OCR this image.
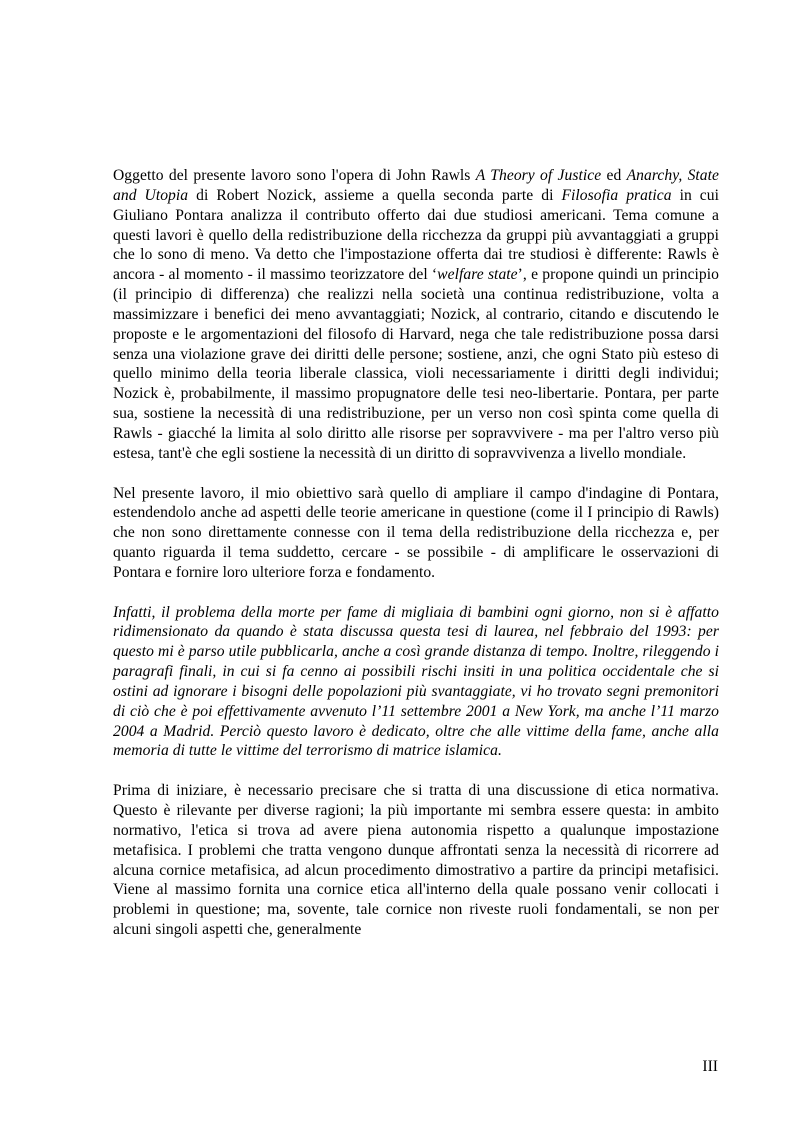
Oggetto del presente lavoro sono l'opera di John Rawls A Theory of Justice ed Anarchy, State and Utopia di Robert Nozick, assieme a quella seconda parte di Filosofia pratica in cui Giuliano Pontara analizza il contributo offerto dai due studiosi americani. Tema comune a questi lavori è quello della redistribuzione della ricchezza da gruppi più avvantaggiati a gruppi che lo sono di meno. Va detto che l'impostazione offerta dai tre studiosi è differente: Rawls è ancora - al momento - il massimo teorizzatore del ‘welfare state’, e propone quindi un principio (il principio di differenza) che realizzi nella società una continua redistribuzione, volta a massimizzare i benefici dei meno avvantaggiati; Nozick, al contrario, citando e discutendo le proposte e le argomentazioni del filosofo di Harvard, nega che tale redistribuzione possa darsi senza una violazione grave dei diritti delle persone; sostiene, anzi, che ogni Stato più esteso di quello minimo della teoria liberale classica, violi necessariamente i diritti degli individui; Nozick è, probabilmente, il massimo propugnatore delle tesi neo-libertarie. Pontara, per parte sua, sostiene la necessità di una redistribuzione, per un verso non così spinta come quella di Rawls - giacché la limita al solo diritto alle risorse per sopravvivere - ma per l'altro verso più estesa, tant'è che egli sostiene la necessità di un diritto di sopravvivenza a livello mondiale.

Nel presente lavoro, il mio obiettivo sarà quello di ampliare il campo d'indagine di Pontara, estendendolo anche ad aspetti delle teorie americane in questione (come il I principio di Rawls) che non sono direttamente connesse con il tema della redistribuzione della ricchezza e, per quanto riguarda il tema suddetto, cercare - se possibile - di amplificare le osservazioni di Pontara e fornire loro ulteriore forza e fondamento.

Infatti, il problema della morte per fame di migliaia di bambini ogni giorno, non si è affatto ridimensionato da quando è stata discussa questa tesi di laurea, nel febbraio del 1993: per questo mi è parso utile pubblicarla, anche a così grande distanza di tempo. Inoltre, rileggendo i paragrafi finali, in cui si fa cenno ai possibili rischi insiti in una politica occidentale che si ostini ad ignorare i bisogni delle popolazioni più svantaggiate, vi ho trovato segni premonitori di ciò che è poi effettivamente avvenuto l’11 settembre 2001 a New York, ma anche l’11 marzo 2004 a Madrid. Perciò questo lavoro è dedicato, oltre che alle vittime della fame, anche alla memoria di tutte le vittime del terrorismo di matrice islamica.

Prima di iniziare, è necessario precisare che si tratta di una discussione di etica normativa. Questo è rilevante per diverse ragioni; la più importante mi sembra essere questa: in ambito normativo, l'etica si trova ad avere piena autonomia rispetto a qualunque impostazione metafisica. I problemi che tratta vengono dunque affrontati senza la necessità di ricorrere ad alcuna cornice metafisica, ad alcun procedimento dimostrativo a partire da principi metafisici. Viene al massimo fornita una cornice etica all'interno della quale possano venir collocati i problemi in questione; ma, sovente, tale cornice non riveste ruoli fondamentali, se non per alcuni singoli aspetti che, generalmente

III
